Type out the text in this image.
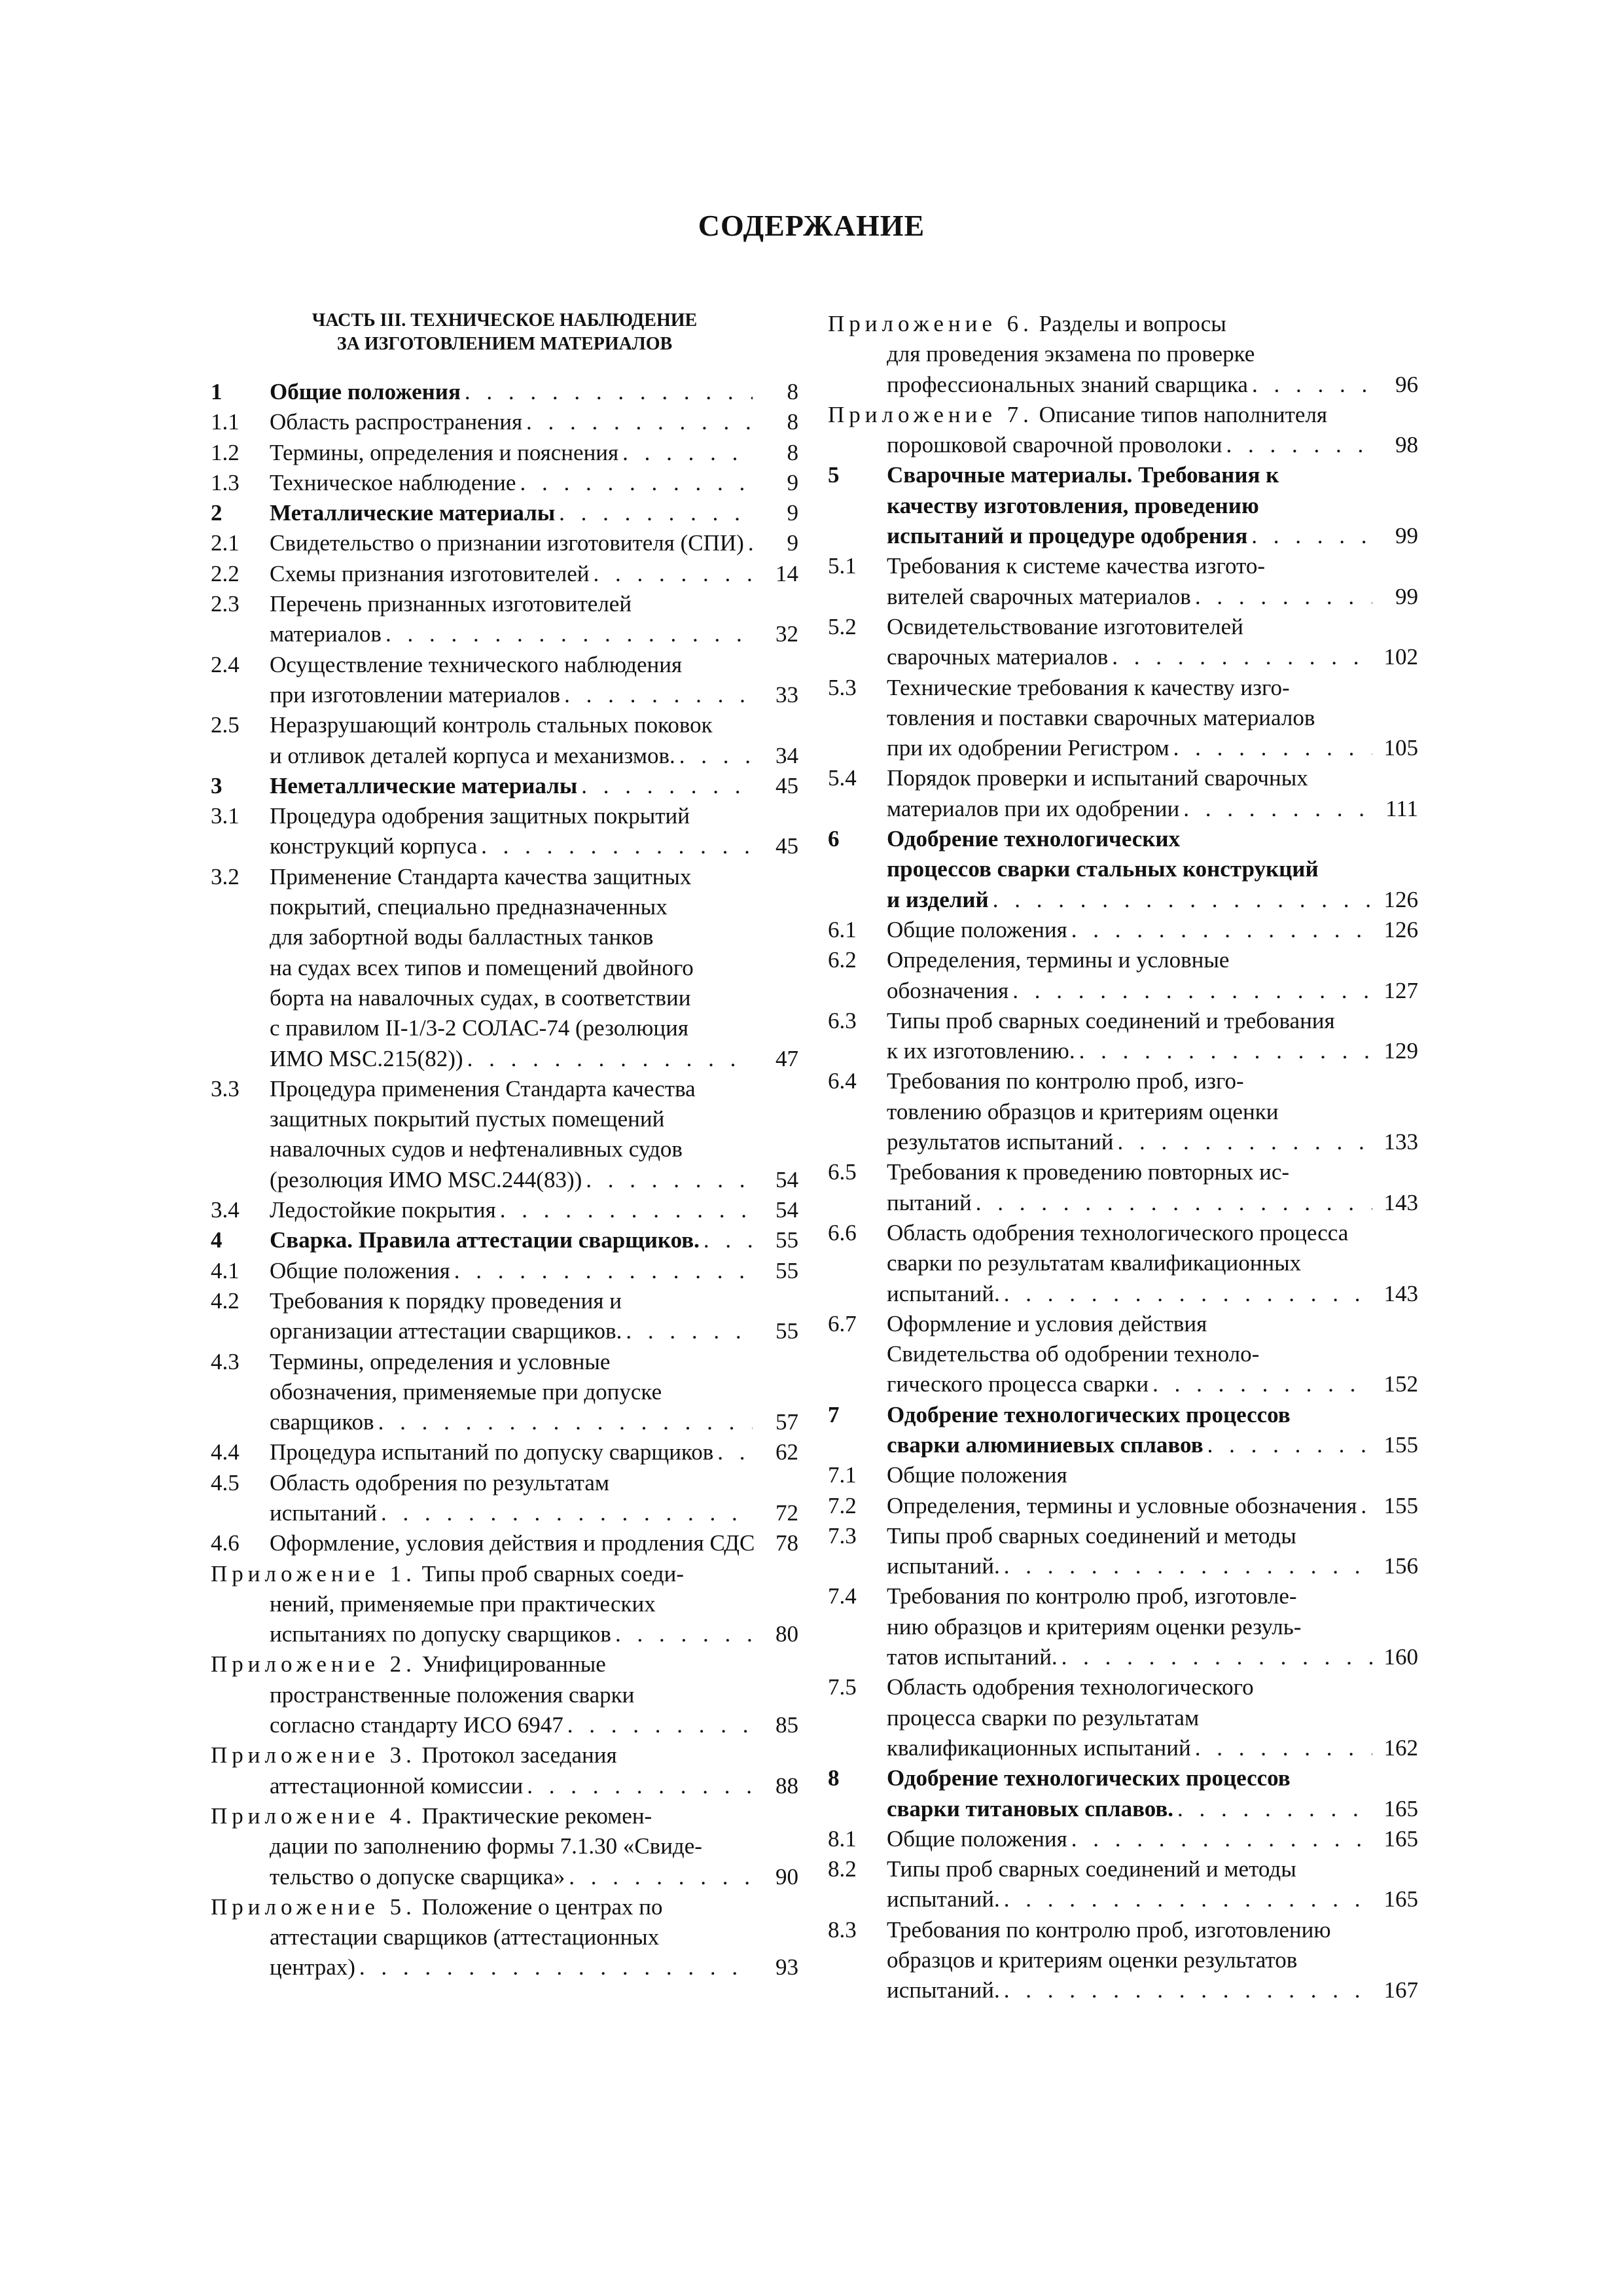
СОДЕРЖАНИЕ
ЧАСТЬ III. ТЕХНИЧЕСКОЕ НАБЛЮДЕНИЕ
ЗА ИЗГОТОВЛЕНИЕМ МАТЕРИАЛОВ
1 Общие положения . . .	8
1.1 Область распространения . . .	8
1.2 Термины, определения и пояснения . . .	8
1.3 Техническое наблюдение . . .	9
2 Металлические материалы . . .	9
2.1 Свидетельство о признании изготовителя (СПИ) . . .	9
2.2 Схемы признания изготовителей . . .	14
2.3 Перечень признанных изготовителей
материалов . . .	32
2.4 Осуществление технического наблюдения
при изготовлении материалов . . .	33
2.5 Неразрушающий контроль стальных поковок
и отливок деталей корпуса и механизмов. . . .	34
3 Неметаллические материалы . . .	45
3.1 Процедура одобрения защитных покрытий
конструкций корпуса . . .	45
3.2 Применение Стандарта качества защитных
покрытий, специально предназначенных
для забортной воды балластных танков
на судах всех типов и помещений двойного
борта на навалочных судах, в соответствии
с правилом II-1/3-2 СОЛАС-74 (резолюция
ИМО MSC.215(82)) . . .	47
3.3 Процедура применения Стандарта качества
защитных покрытий пустых помещений
навалочных судов и нефтеналивных судов
(резолюция ИМО MSC.244(83)) . . .	54
3.4 Ледостойкие покрытия . . .	54
4 Сварка. Правила аттестации сварщиков. . . .	55
4.1 Общие положения . . .	55
4.2 Требования к порядку проведения и
организации аттестации сварщиков. . . .	55
4.3 Термины, определения и условные
обозначения, применяемые при допуске
сварщиков . . .	57
4.4 Процедура испытаний по допуску сварщиков . . .	62
4.5 Область одобрения по результатам
испытаний . . .	72
4.6 Оформление, условия действия и продления СДС . . . 78
Приложение 1. Типы проб сварных соеди-
нений, применяемые при практических
испытаниях по допуску сварщиков . . .	80
Приложение 2. Унифицированные
пространственные положения сварки
согласно стандарту ИСО 6947 . . .	85
Приложение 3. Протокол заседания
аттестационной комиссии . . .	88
Приложение 4. Практические рекомен-
дации по заполнению формы 7.1.30 «Свиде-
тельство о допуске сварщика» . . .	90
Приложение 5. Положение о центрах по
аттестации сварщиков (аттестационных
центрах) . . .	93
Приложение 6. Разделы и вопросы
для проведения экзамена по проверке
профессиональных знаний сварщика . . .	96
Приложение 7. Описание типов наполнителя
порошковой сварочной проволоки . . .	98
5 Сварочные материалы. Требования к
качеству изготовления, проведению
испытаний и процедуре одобрения . . .	99
5.1 Требования к системе качества изгото-
вителей сварочных материалов . . .	99
5.2 Освидетельствование изготовителей
сварочных материалов . . .	102
5.3 Технические требования к качеству изго-
товления и поставки сварочных материалов
при их одобрении Регистром . . .	105
5.4 Порядок проверки и испытаний сварочных
материалов при их одобрении . . .	111
6 Одобрение технологических
процессов сварки стальных конструкций
и изделий . . .	126
6.1 Общие положения . . .	126
6.2 Определения, термины и условные
обозначения . . .	127
6.3 Типы проб сварных соединений и требования
к их изготовлению. . . .	129
6.4 Требования по контролю проб, изго-
товлению образцов и критериям оценки
результатов испытаний . . .	133
6.5 Требования к проведению повторных ис-
пытаний . . .	143
6.6 Область одобрения технологического процесса
сварки по результатам квалификационных
испытаний. . . .	143
6.7 Оформление и условия действия
Свидетельства об одобрении техноло-
гического процесса сварки . . .	152
7 Одобрение технологических процессов
сварки алюминиевых сплавов . . .	155
7.1 Общие положения
7.2 Определения, термины и условные обозначения . . .	155
7.3 Типы проб сварных соединений и методы
испытаний. . . .	156
7.4 Требования по контролю проб, изготовле-
нию образцов и критериям оценки резуль-
татов испытаний. . . .	160
7.5 Область одобрения технологического
процесса сварки по результатам
квалификационных испытаний . . .	162
8 Одобрение технологических процессов
сварки титановых сплавов. . . .	165
8.1 Общие положения . . .	165
8.2 Типы проб сварных соединений и методы
испытаний. . . .	165
8.3 Требования по контролю проб, изготовлению
образцов и критериям оценки результатов
испытаний. . . .	167
